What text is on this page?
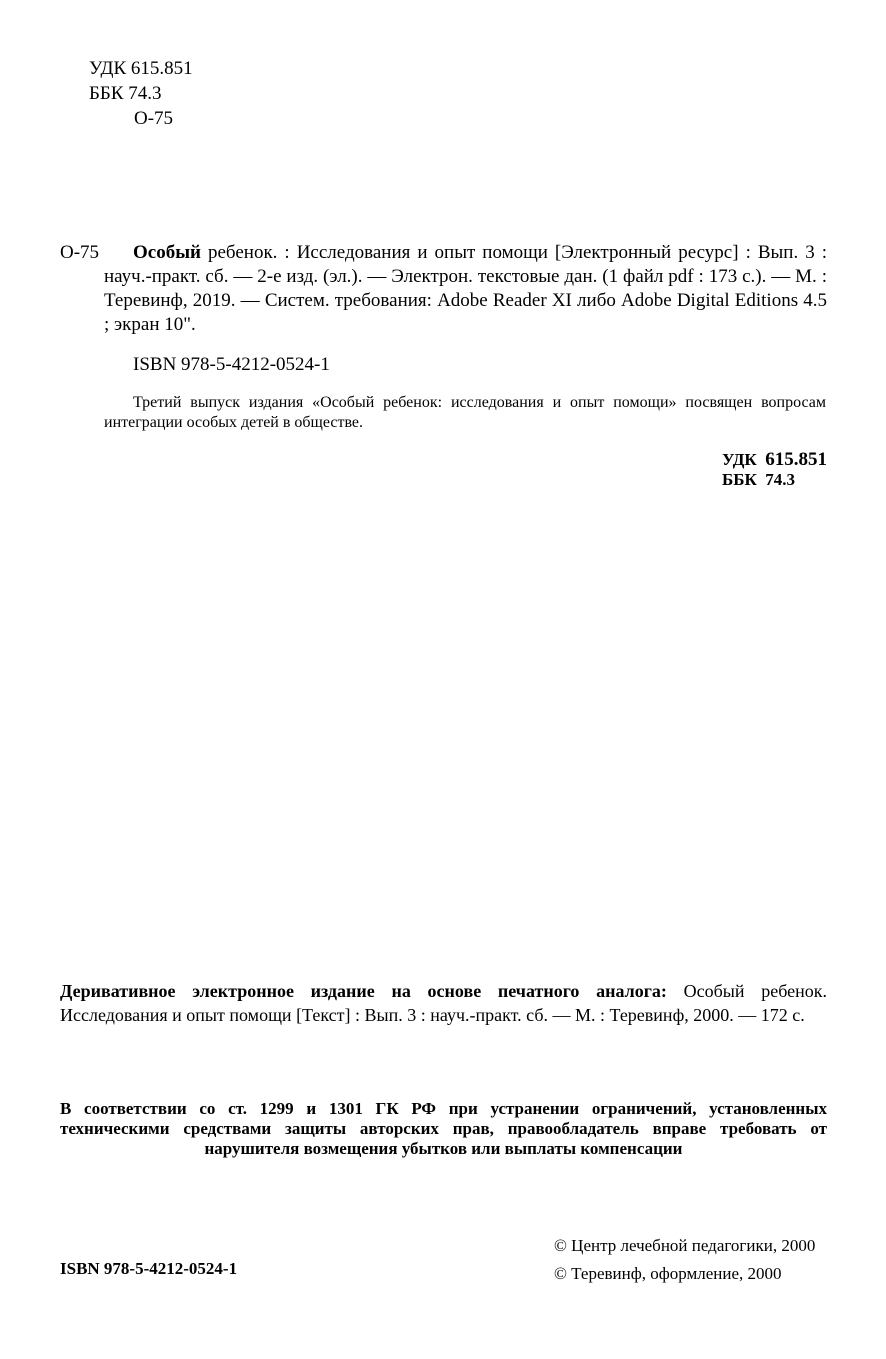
УДК 615.851
ББК 74.3
О-75
О-75	Особый ребенок. : Исследования и опыт помощи [Электронный ресурс] : Вып. 3 : науч.-практ. сб. — 2-е изд. (эл.). — Электрон. текстовые дан. (1 файл pdf : 173 с.). — М. : Теревинф, 2019. — Систем. требования: Adobe Reader XI либо Adobe Digital Editions 4.5 ; экран 10".
ISBN 978-5-4212-0524-1
Третий выпуск издания «Особый ребенок: исследования и опыт помощи» посвящен вопросам интеграции особых детей в обществе.
УДК 615.851
ББК 74.3
Деривативное электронное издание на основе печатного аналога: Особый ребенок. Исследования и опыт помощи [Текст] : Вып. 3 : науч.-практ. сб. — М. : Теревинф, 2000. — 172 с.
В соответствии со ст. 1299 и 1301 ГК РФ при устранении ограничений, установленных техническими средствами защиты авторских прав, правообладатель вправе требовать от нарушителя возмещения убытков или выплаты компенсации
ISBN 978-5-4212-0524-1
© Центр лечебной педагогики, 2000
© Теревинф, оформление, 2000
